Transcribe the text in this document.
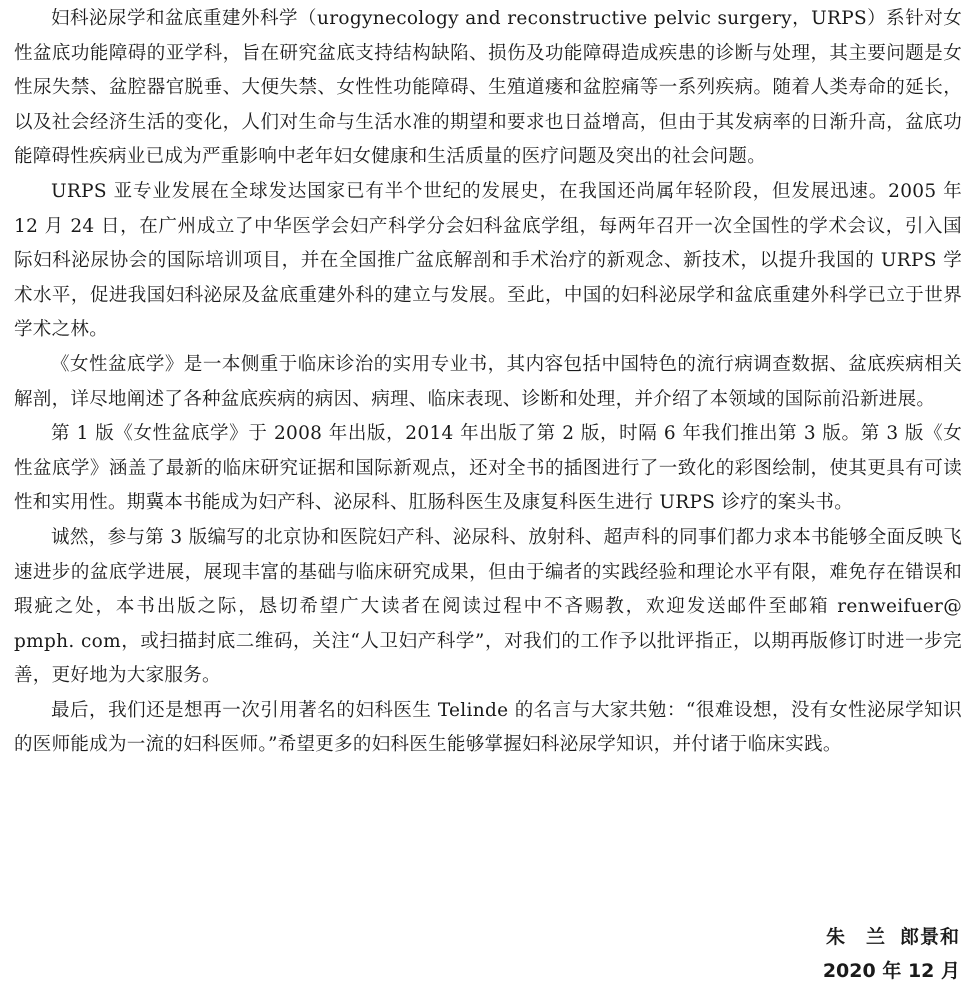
妇科泌尿学和盆底重建外科学（urogynecology and reconstructive pelvic surgery，URPS）系针对女性盆底功能障碍的亚学科，旨在研究盆底支持结构缺陷、损伤及功能障碍造成疾患的诊断与处理，其主要问题是女性尿失禁、盆腔器官脱垂、大便失禁、女性性功能障碍、生殖道瘘和盆腔痛等一系列疾病。随着人类寿命的延长，以及社会经济生活的变化，人们对生命与生活水准的期望和要求也日益增高，但由于其发病率的日渐升高，盆底功能障碍性疾病业已成为严重影响中老年妇女健康和生活质量的医疗问题及突出的社会问题。

URPS 亚专业发展在全球发达国家已有半个世纪的发展史，在我国还尚属年轻阶段，但发展迅速。2005 年 12 月 24 日，在广州成立了中华医学会妇产科学分会妇科盆底学组，每两年召开一次全国性的学术会议，引入国际妇科泌尿协会的国际培训项目，并在全国推广盆底解剖和手术治疗的新观念、新技术，以提升我国的 URPS 学术水平，促进我国妇科泌尿及盆底重建外科的建立与发展。至此，中国的妇科泌尿学和盆底重建外科学已立于世界学术之林。

《女性盆底学》是一本侧重于临床诊治的实用专业书，其内容包括中国特色的流行病调查数据、盆底疾病相关解剖，详尽地阐述了各种盆底疾病的病因、病理、临床表现、诊断和处理，并介绍了本领域的国际前沿新进展。

第 1 版《女性盆底学》于 2008 年出版，2014 年出版了第 2 版，时隔 6 年我们推出第 3 版。第 3 版《女性盆底学》涵盖了最新的临床研究证据和国际新观点，还对全书的插图进行了一致化的彩图绘制，使其更具有可读性和实用性。期冀本书能成为妇产科、泌尿科、肛肠科医生及康复科医生进行 URPS 诊疗的案头书。

诚然，参与第 3 版编写的北京协和医院妇产科、泌尿科、放射科、超声科的同事们都力求本书能够全面反映飞速进步的盆底学进展，展现丰富的基础与临床研究成果，但由于编者的实践经验和理论水平有限，难免存在错误和瑕疵之处，本书出版之际，恳切希望广大读者在阅读过程中不吝赐教，欢迎发送邮件至邮箱 renweifuer@ pmph. com，或扫描封底二维码，关注“人卫妇产科学”，对我们的工作予以批评指正，以期再版修订时进一步完善，更好地为大家服务。

最后，我们还是想再一次引用著名的妇科医生 Telinde 的名言与大家共勉：“很难设想，没有女性泌尿学知识的医师能成为一流的妇科医师。”希望更多的妇科医生能够掌握妇科泌尿学知识，并付诸于临床实践。

朱　兰 郎景和
2020 年 12 月
